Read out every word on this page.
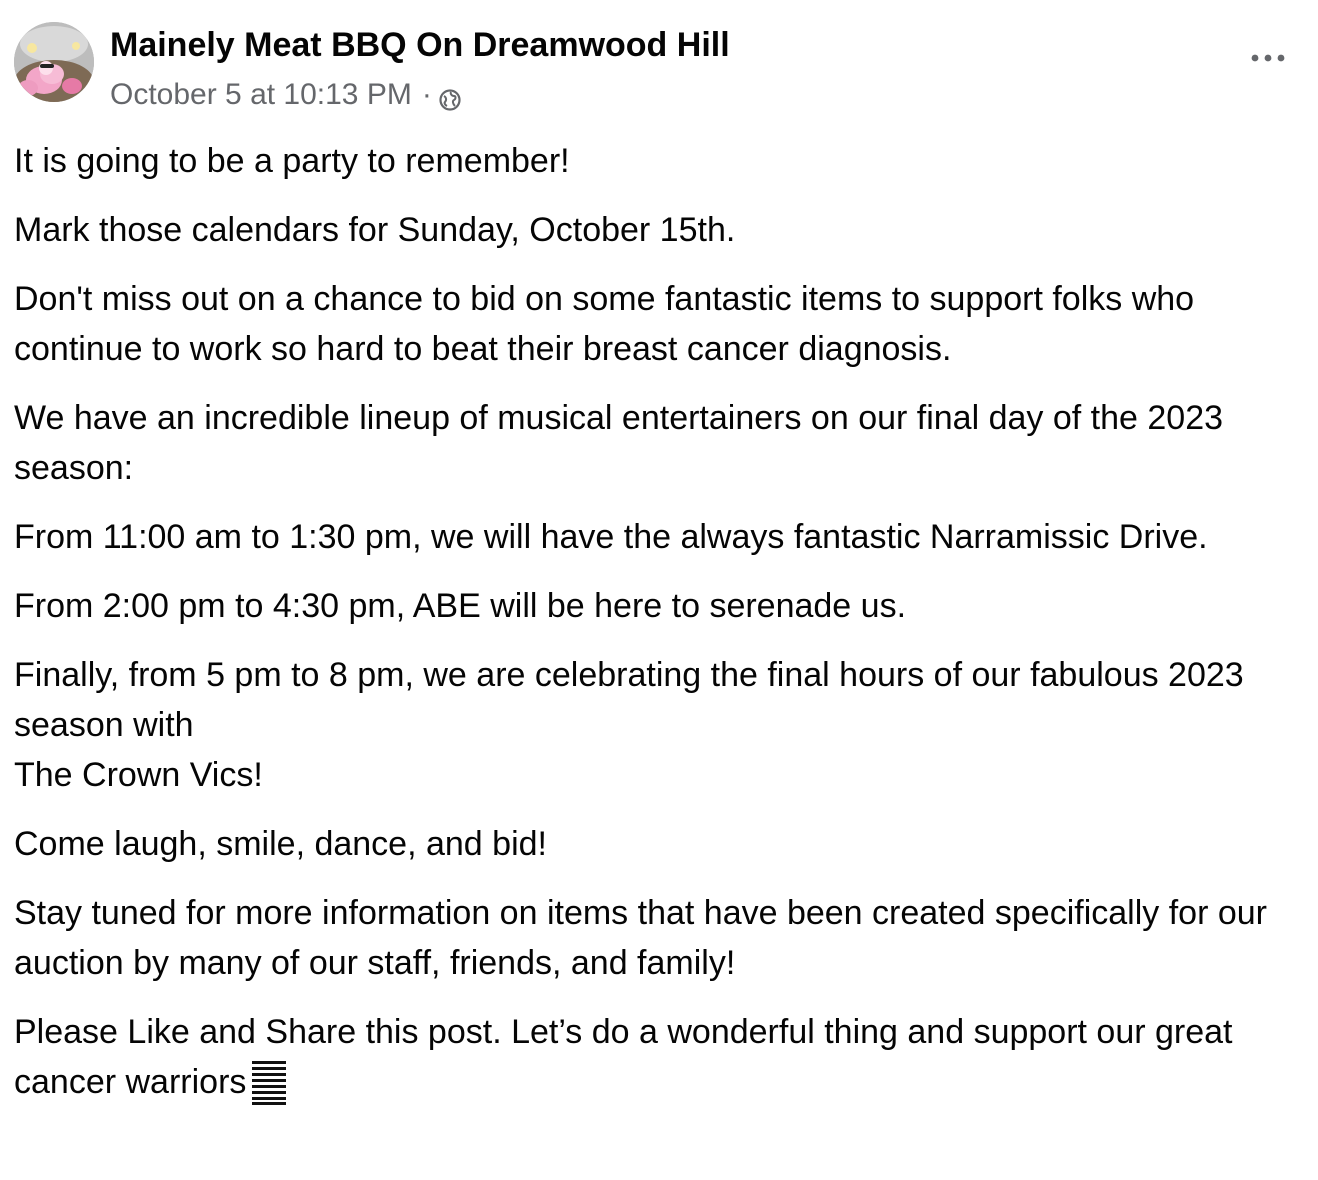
Mainely Meat BBQ On Dreamwood Hill
October 5 at 10:13 PM ·

It is going to be a party to remember!

Mark those calendars for Sunday, October 15th.

Don't miss out on a chance to bid on some fantastic items to support folks who continue to work so hard to beat their breast cancer diagnosis.

We have an incredible lineup of musical entertainers on our final day of the 2023 season:

From 11:00 am to 1:30 pm, we will have the always fantastic Narramissic Drive.

From 2:00 pm to 4:30 pm, ABE will be here to serenade us.

Finally, from 5 pm to 8 pm, we are celebrating the final hours of our fabulous 2023 season with
The Crown Vics!

Come laugh, smile, dance, and bid!

Stay tuned for more information on items that have been created specifically for our auction by many of our staff, friends, and family!

Please Like and Share this post. Let’s do a wonderful thing and support our great cancer warriors
